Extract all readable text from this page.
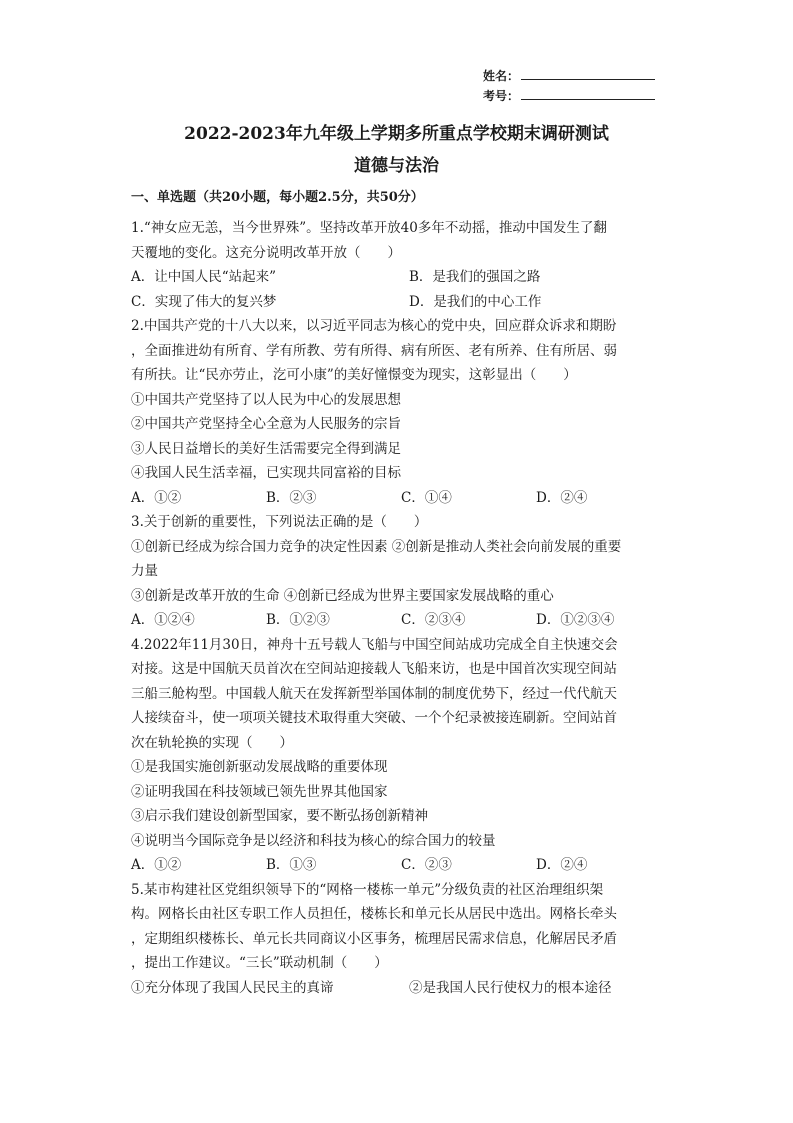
姓名：
考号：
2022-2023年九年级上学期多所重点学校期末调研测试
道德与法治
一、单选题（共20小题，每小题2.5分，共50分）
1.“神女应无恙，当今世界殊”。坚持改革开放40多年不动摇，推动中国发生了翻
天覆地的变化。这充分说明改革开放（　　）
A．让中国人民“站起来”	B．是我们的强国之路
C．实现了伟大的复兴梦	D．是我们的中心工作
2.中国共产党的十八大以来，以习近平同志为核心的党中央，回应群众诉求和期盼
，全面推进幼有所育、学有所教、劳有所得、病有所医、老有所养、住有所居、弱
有所扶。让“民亦劳止，汔可小康”的美好憧憬变为现实，这彰显出（　　）
①中国共产党坚持了以人民为中心的发展思想
②中国共产党坚持全心全意为人民服务的宗旨
③人民日益增长的美好生活需要完全得到满足
④我国人民生活幸福，已实现共同富裕的目标
A．①②	B．②③	C．①④	D．②④
3.关于创新的重要性，下列说法正确的是（　　）
①创新已经成为综合国力竞争的决定性因素 ②创新是推动人类社会向前发展的重要
力量
③创新是改革开放的生命 ④创新已经成为世界主要国家发展战略的重心
A．①②④	B．①②③	C．②③④	D．①②③④
4.2022年11月30日，神舟十五号载人飞船与中国空间站成功完成全自主快速交会
对接。这是中国航天员首次在空间站迎接载人飞船来访，也是中国首次实现空间站
三船三舱构型。中国载人航天在发挥新型举国体制的制度优势下，经过一代代航天
人接续奋斗，使一项项关键技术取得重大突破、一个个纪录被接连刷新。空间站首
次在轨轮换的实现（　　）
①是我国实施创新驱动发展战略的重要体现
②证明我国在科技领域已领先世界其他国家
③启示我们建设创新型国家，要不断弘扬创新精神
④说明当今国际竞争是以经济和科技为核心的综合国力的较量
A．①②	B．①③	C．②③	D．②④
5.某市构建社区党组织领导下的“网格一楼栋一单元”分级负责的社区治理组织架
构。网格长由社区专职工作人员担任，楼栋长和单元长从居民中选出。网格长牵头
，定期组织楼栋长、单元长共同商议小区事务，梳理居民需求信息，化解居民矛盾
，提出工作建议。“三长”联动机制（　　）
①充分体现了我国人民民主的真谛	②是我国人民行使权力的根本途径
